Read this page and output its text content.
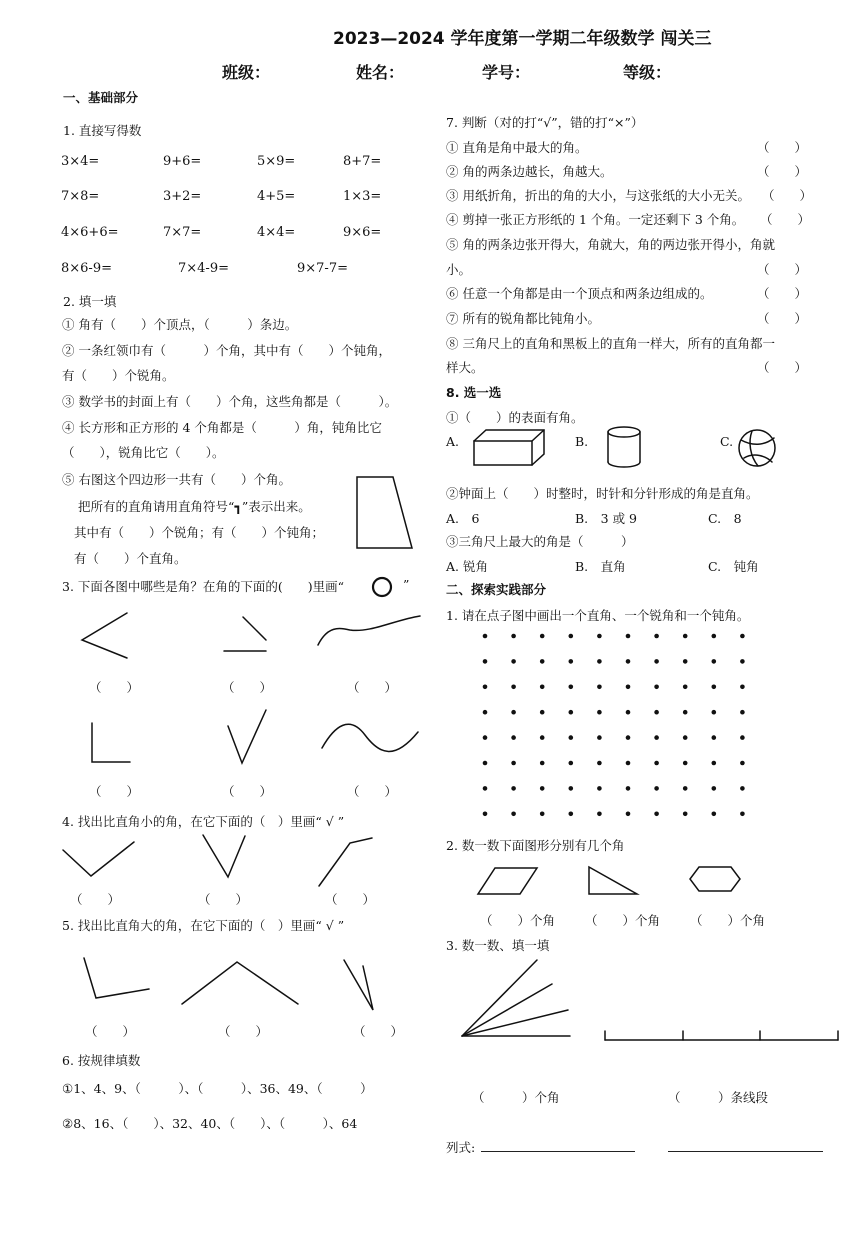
2023—2024 学年度第一学期二年级数学 闯关三
班级：	姓名：	学号：	等级：
一、基础部分
1. 直接写得数
3×4=	9+6=	5×9=	8+7=
7×8=	3+2=	4+5=	1×3=
4×6+6=	7×7=	4×4=	9×6=
8×6-9=	7×4-9=	9×7-7=
2. 填一填
① 角有（　　）个顶点，（　　　）条边。
② 一条红领巾有（　　　）个角，其中有（　　）个钝角，
有（　　）个锐角。
③ 数学书的封面上有（　　）个角，这些角都是（　　　）。
④ 长方形和正方形的 4 个角都是（　　　）角，钝角比它
（　　），锐角比它（　　）。
⑤ 右图这个四边形一共有（　　）个角。
把所有的直角请用直角符号“┓”表示出来。
其中有（　　）个锐角；有（　　）个钝角；
有（　　）个直角。
3. 下面各图中哪些是角？在角的下面的(　　)里画“	”
（　　）	（　　）	（　　）
（　　）	（　　）	（　　）
4. 找出比直角小的角，在它下面的（　）里画“ √ ”
（　　）	（　　）	（　　）
5. 找出比直角大的角，在它下面的（　）里画“ √ ”
（　　）	（　　）	（　　）
6. 按规律填数
①1、4、9、（　　　）、（　　　）、36、49、（　　　）
②8、16、（　　）、32、40、（　　）、（　　　）、64
7. 判断（对的打“√”，错的打“×”）
① 直角是角中最大的角。
② 角的两条边越长，角越大。
③ 用纸折角，折出的角的大小，与这张纸的大小无关。
④ 剪掉一张正方形纸的 1 个角。一定还剩下 3 个角。
⑤ 角的两条边张开得大，角就大，角的两边张开得小，角就
小。
⑥ 任意一个角都是由一个顶点和两条边组成的。
⑦ 所有的锐角都比钝角小。
⑧ 三角尺上的直角和黑板上的直角一样大，所有的直角都一
样大。
（　　）
（　　）
（　　）
（　　）
（　　）
（　　）
（　　）
（　　）
8. 选一选
①（　　）的表面有角。
A.	B.	C.
②钟面上（　　）时整时，时针和分针形成的角是直角。
A.　6	B.　3 或 9	C.　8
③三角尺上最大的角是（　　　）
A. 锐角	B.　直角	C.　钝角
二、探索实践部分
1. 请在点子图中画出一个直角、一个锐角和一个钝角。
2. 数一数下面图形分别有几个角
（　　）个角 （　　）个角 （　　）个角
3. 数一数、填一填
（　　　）个角	（　　　）条线段
列式:
